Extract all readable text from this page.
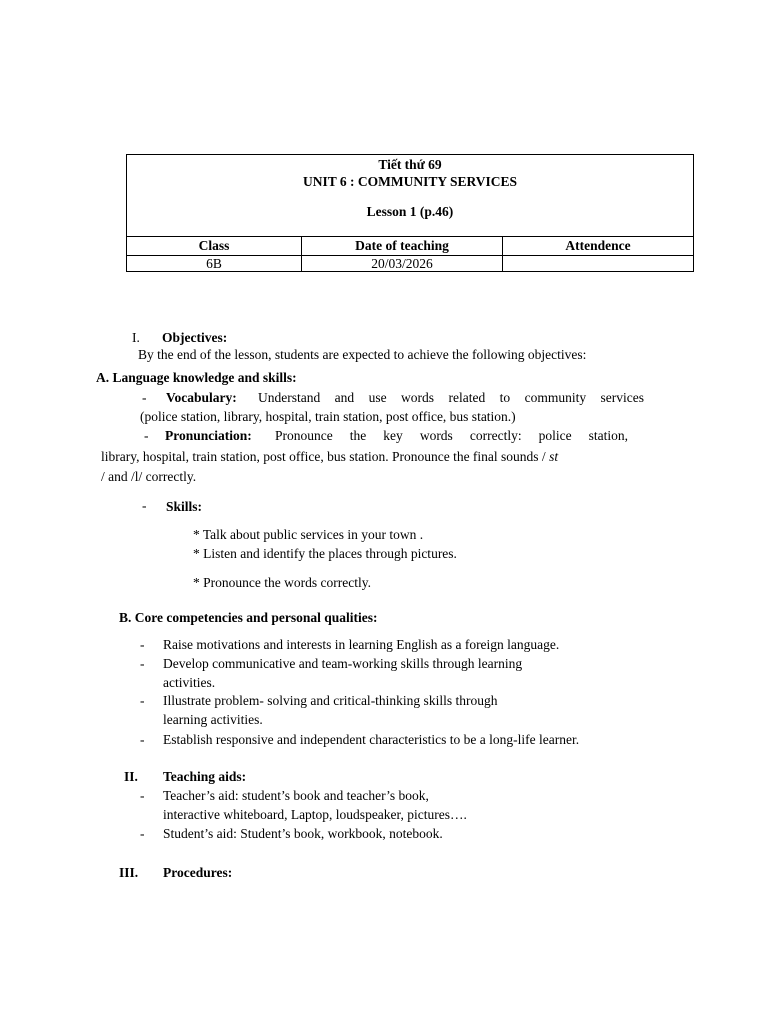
Tiết thứ 69
UNIT 6 : COMMUNITY SERVICES
Lesson 1 (p.46)
Class	Date of teaching	Attendence
6B	20/03/2026
I. Objectives:
By the end of the lesson, students are expected to achieve the following objectives:
A. Language knowledge and skills:
- Vocabulary: Understand and use words related to community services
(police station, library, hospital, train station, post office, bus station.)
- Pronunciation: Pronounce the key words correctly: police station,
library, hospital, train station, post office, bus station. Pronounce the final sounds / st
/ and /l/ correctly.
- Skills:
* Talk about public services in your town .
* Listen and identify the places through pictures.
* Pronounce the words correctly.
B. Core competencies and personal qualities:
- Raise motivations and interests in learning English as a foreign language.
- Develop communicative and team-working skills through learning
activities.
- Illustrate problem- solving and critical-thinking skills through
learning activities.
- Establish responsive and independent characteristics to be a long-life learner.
II. Teaching aids:
- Teacher’s aid: student’s book and teacher’s book,
interactive whiteboard, Laptop, loudspeaker, pictures….
- Student’s aid: Student’s book, workbook, notebook.
III. Procedures:
